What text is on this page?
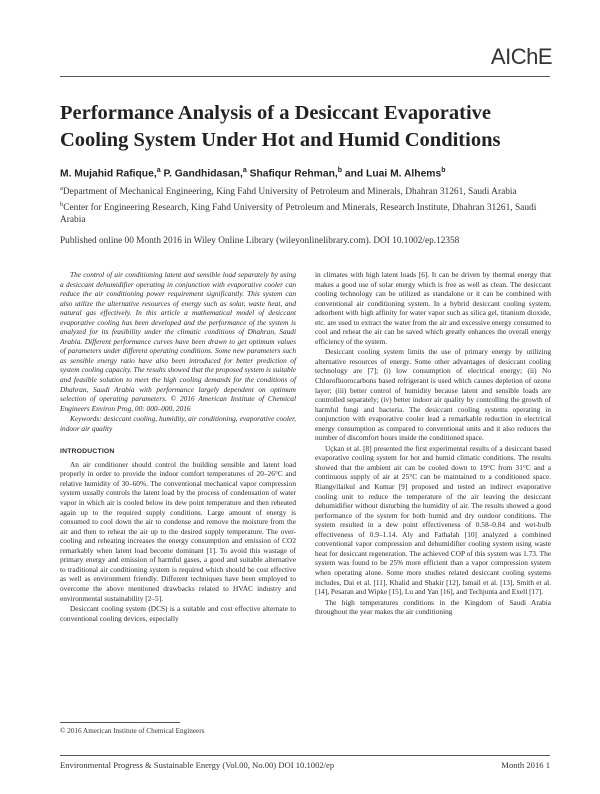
AIChE
Performance Analysis of a Desiccant Evaporative Cooling System Under Hot and Humid Conditions
M. Mujahid Rafique,$^a$ P. Gandhidasan,$^a$ Shafiqur Rehman,$^b$ and Luai M. Alhems$^b$
$^a$Department of Mechanical Engineering, King Fahd University of Petroleum and Minerals, Dhahran 31261, Saudi Arabia
$^b$Center for Engineering Research, King Fahd University of Petroleum and Minerals, Research Institute, Dhahran 31261, Saudi Arabia
Published online 00 Month 2016 in Wiley Online Library (wileyonlinelibrary.com). DOI 10.1002/ep.12358

The control of air conditioning latent and sensible load separately by using a desiccant dehumidifier operating in conjunction with evaporative cooler can reduce the air conditioning power requirement significantly. This system can also utilize the alternative resources of energy such as solar, waste heat, and natural gas effectively. In this article a mathematical model of desiccant evaporative cooling has been developed and the performance of the system is analyzed for its feasibility under the climatic conditions of Dhahran, Saudi Arabia. Different performance curves have been drawn to get optimum values of parameters under different operating conditions. Some new parameters such as sensible energy ratio have also been introduced for better prediction of system cooling capacity. The results showed that the proposed system is suitable and feasible solution to meet the high cooling demands for the conditions of Dhahran, Saudi Arabia with performance largely dependent on optimum selection of operating parameters. © 2016 American Institute of Chemical Engineers Environ Prog, 00: 000–000, 2016

Keywords: desiccant cooling, humidity, air conditioning, evaporative cooler, indoor air quality

INTRODUCTION

An air conditioner should control the building sensible and latent load properly in order to provide the indoor comfort temperatures of 20–26°C and relative humidity of 30–60%. The conventional mechanical vapor compression system usually controls the latent load by the process of condensation of water vapor in which air is cooled below its dew point temperature and then reheated again up to the required supply conditions. Large amount of energy is consumed to cool down the air to condense and remove the moisture from the air and then to reheat the air up to the desired supply temperature. The over-cooling and reheating increases the energy consumption and emission of CO2 remarkably when latent load become dominant [1]. To avoid this wastage of primary energy and emission of harmful gases, a good and suitable alternative to traditional air conditioning system is required which should be cost effective as well as environment friendly. Different techniques have been employed to overcome the above mentioned drawbacks related to HVAC industry and environmental sustainability [2–5].

Desiccant cooling system (DCS) is a suitable and cost effective alternate to conventional cooling devices, especially

in climates with high latent loads [6]. It can be driven by thermal energy that makes a good use of solar energy which is free as well as clean. The desiccant cooling technology can be utilized as standalone or it can be combined with conventional air conditioning system. In a hybrid desiccant cooling system, adsorbent with high affinity for water vapor such as silica gel, titanium dioxide, etc. are used to extract the water from the air and excessive energy consumed to cool and reheat the air can be saved which greatly enhances the overall energy efficiency of the system.

Desiccant cooling system limits the use of primary energy by utilizing alternative resources of energy. Some other advantages of desiccant cooling technology are [7]; (i) low consumption of electrical energy; (ii) No Chlorofluorocarbons based refrigerant is used which causes depletion of ozone layer; (iii) better control of humidity because latent and sensible loads are controlled separately; (iv) better indoor air quality by controlling the growth of harmful fungi and bacteria. The desiccant cooling systems operating in conjunction with evaporative cooler lead a remarkable reduction in electrical energy consumption as compared to conventional units and it also reduces the number of discomfort hours inside the conditioned space.

Uçkan et al. [8] presented the first experimental results of a desiccant based evaporative cooling system for hot and humid climatic conditions. The results showed that the ambient air can be cooled down to 19°C from 31°C and a continuous supply of air at 25°C can be maintained to a conditioned space. Riangvilaikul and Kumar [9] proposed and tested an indirect evaporative cooling unit to reduce the temperature of the air leaving the desiccant dehumidifier without disturbing the humidity of air. The results showed a good performance of the system for both humid and dry outdoor conditions. The system resulted in a dew point effectiveness of 0.58–0.84 and wet-bulb effectiveness of 0.9–1.14. Aly and Fathalah [10] analyzed a combined conventional vapor compression and dehumidifier cooling system using waste heat for desiccant regeneration. The achieved COP of this system was 1.73. The system was found to be 25% more efficient than a vapor compression system when operating alone. Some more studies related desiccant cooling systems includes, Dai et al. [11], Khalid and Shakir [12], Ismail et al. [13], Smith et al. [14], Pesaran and Wipke [15], Lu and Yan [16], and Techjunta and Exell [17].

The high temperatures conditions in the Kingdom of Saudi Arabia throughout the year makes the air conditioning

© 2016 American Institute of Chemical Engineers
Environmental Progress & Sustainable Energy (Vol.00, No.00) DOI 10.1002/ep	Month 2016 1
